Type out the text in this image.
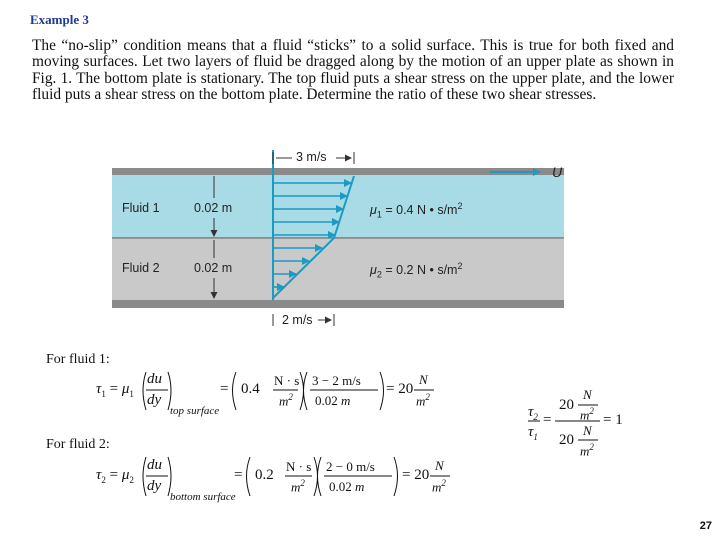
Example 3
The “no-slip” condition means that a fluid “sticks” to a solid surface. This is true for both fixed and moving surfaces. Let two layers of fluid be dragged along by the motion of an upper plate as shown in Fig. 1. The bottom plate is stationary. The top fluid puts a shear stress on the upper plate, and the lower fluid puts a shear stress on the bottom plate. Determine the ratio of these two shear stresses.
3 m/s
2 m/s
U
Fluid 1
Fluid 2
0.02 m
0.02 m
$\mu_1 = 0.4$ N • $s/m^2$
$\mu_2 = 0.2$ N • $s/m^2$
For fluid 1:
$\tau_1 = \mu_1$
du
dy
top surface
= 0.4
N · s
$m^2$
3 − 2 m/s
0.02 m
= 20
N
$m^2$
For fluid 2:
$\tau_2 = \mu_2$
du
dy
bottom surface
= 0.2
N · s
$m^2$
2 − 0 m/s
0.02 m
= 20
N
$m^2$
$\tau_2$
$\tau_1$
=
20
N
$m^2$
20
N
$m^2$
= 1
27
